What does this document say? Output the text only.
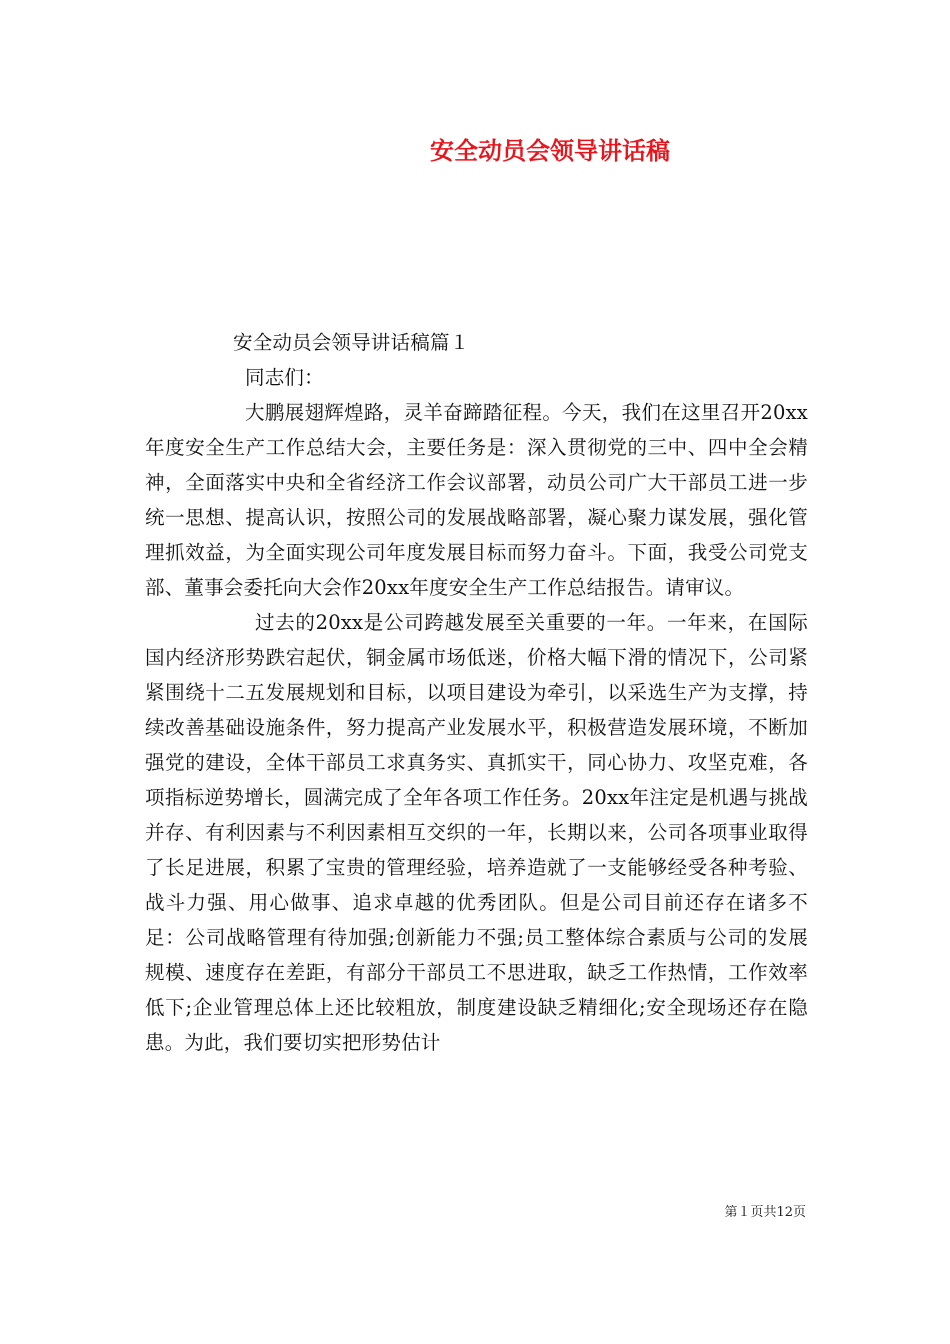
安全动员会领导讲话稿

安全动员会领导讲话稿篇１

同志们：

大鹏展翅辉煌路，灵羊奋蹄踏征程。今天，我们在这里召开20xx年度安全生产工作总结大会，主要任务是：深入贯彻党的三中、四中全会精神，全面落实中央和全省经济工作会议部署，动员公司广大干部员工进一步统一思想、提高认识，按照公司的发展战略部署，凝心聚力谋发展，强化管理抓效益，为全面实现公司年度发展目标而努力奋斗。下面，我受公司党支部、董事会委托向大会作20xx年度安全生产工作总结报告。请审议。

过去的20xx是公司跨越发展至关重要的一年。一年来，在国际国内经济形势跌宕起伏，铜金属市场低迷，价格大幅下滑的情况下，公司紧紧围绕十二五发展规划和目标，以项目建设为牵引，以采选生产为支撑，持续改善基础设施条件，努力提高产业发展水平，积极营造发展环境，不断加强党的建设，全体干部员工求真务实、真抓实干，同心协力、攻坚克难，各项指标逆势增长，圆满完成了全年各项工作任务。20xx年注定是机遇与挑战并存、有利因素与不利因素相互交织的一年，长期以来，公司各项事业取得了长足进展，积累了宝贵的管理经验，培养造就了一支能够经受各种考验、战斗力强、用心做事、追求卓越的优秀团队。但是公司目前还存在诸多不足：公司战略管理有待加强;创新能力不强;员工整体综合素质与公司的发展规模、速度存在差距，有部分干部员工不思进取，缺乏工作热情，工作效率低下;企业管理总体上还比较粗放，制度建设缺乏精细化;安全现场还存在隐患。为此，我们要切实把形势估计

第１页共12页
